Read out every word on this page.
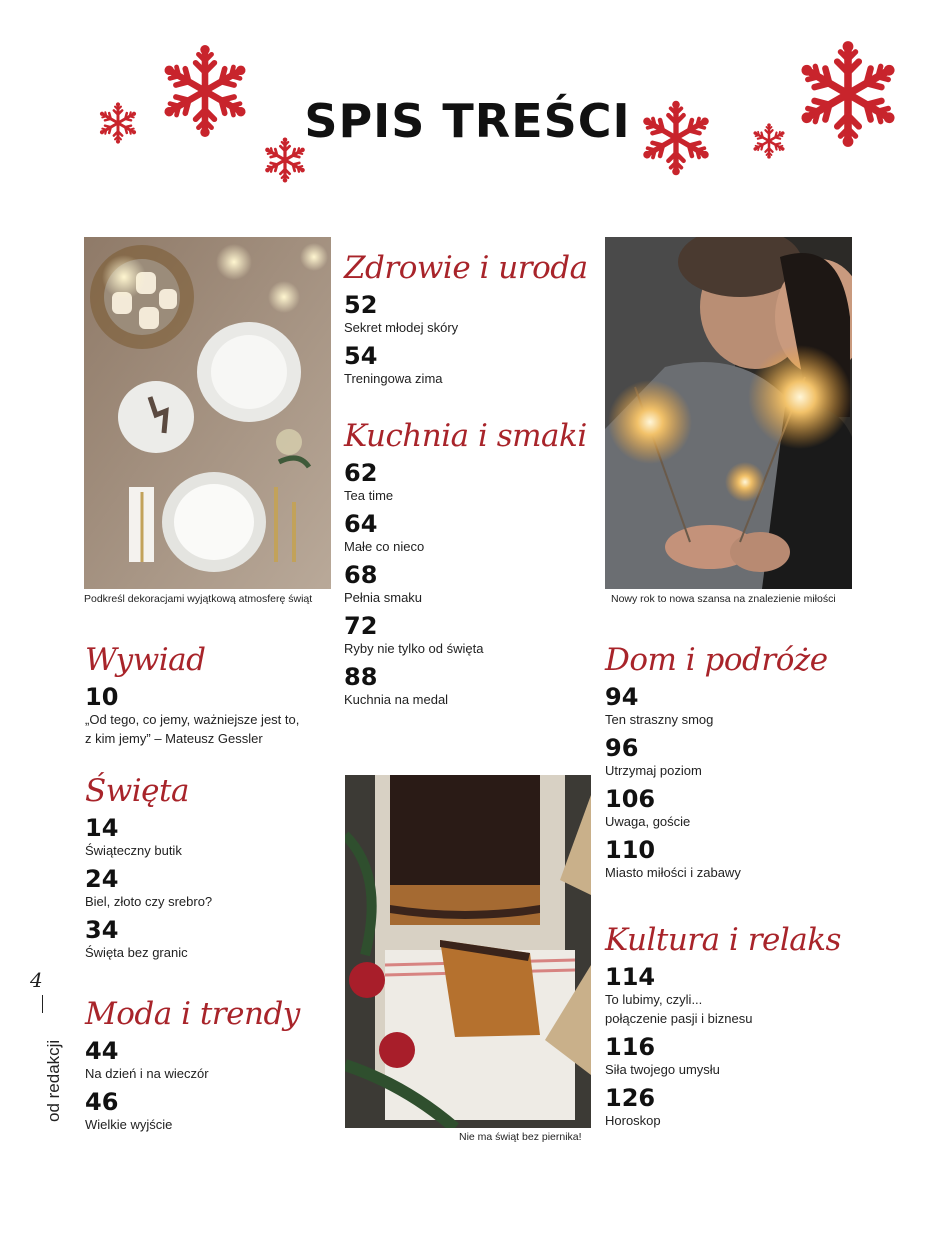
SPIS TREŚCI
Podkreśl dekoracjami wyjątkową atmosferę świąt	Nowy rok to nowa szansa na znalezienie miłości
Nie ma świąt bez piernika!
Zdrowie i uroda
52
Sekret młodej skóry
54
Treningowa zima
Kuchnia i smaki
62
Tea time
64
Małe co nieco
68
Pełnia smaku
72
Ryby nie tylko od święta
88
Kuchnia na medal
Wywiad
10
„Od tego, co jemy, ważniejsze jest to,
z kim jemy” – Mateusz Gessler
Święta
14
Świąteczny butik
24
Biel, złoto czy srebro?
34
Święta bez granic
Moda i trendy
44
Na dzień i na wieczór
46
Wielkie wyjście
Dom i podróże
94
Ten straszny smog
96
Utrzymaj poziom
106
Uwaga, goście
110
Miasto miłości i zabawy
Kultura i relaks
114
To lubimy, czyli...
połączenie pasji i biznesu
116
Siła twojego umysłu
126
Horoskop
4
od redakcji
